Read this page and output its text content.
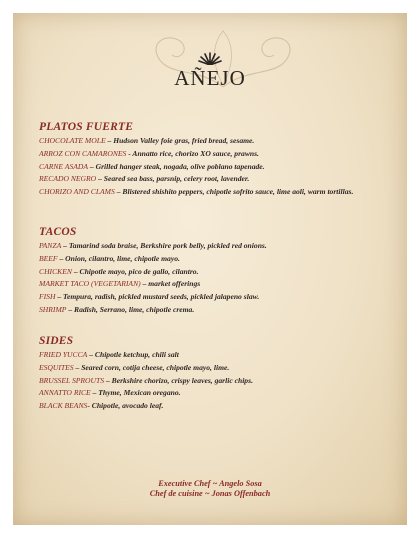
AÑEJO
PLATOS FUERTE
CHOCOLATE MOLE – Hudson Valley foie gras, fried bread, sesame.
ARROZ CON CAMARONES - Annatto rice, chorizo XO sauce, prawns.
CARNE ASADA – Grilled hanger steak, nogada, olive poblano tapenade.
RECADO NEGRO – Seared sea bass, parsnip, celery root, lavender.
CHORIZO AND CLAMS – Blistered shishito peppers, chipotle sofrito sauce, lime aoli, warm tortillas.
TACOS
PANZA – Tamarind soda braise, Berkshire pork belly, pickled red onions.
BEEF – Onion, cilantro, lime, chipotle mayo.
CHICKEN – Chipotle mayo, pico de gallo, cilantro.
MARKET TACO (VEGETARIAN) – market offerings
FISH – Tempura, radish, pickled mustard seeds, pickled jalapeno slaw.
SHRIMP – Radish, Serrano, lime, chipotle crema.
SIDES
FRIED YUCCA – Chipotle ketchup, chili salt
ESQUITES – Seared corn, cotija cheese, chipotle mayo, lime.
BRUSSEL SPROUTS – Berkshire chorizo, crispy leaves, garlic chips.
ANNATTO RICE – Thyme, Mexican oregano.
BLACK BEANS- Chipotle, avocado leaf.
Executive Chef ~ Angelo Sosa
Chef de cuisine ~ Jonas Offenbach
